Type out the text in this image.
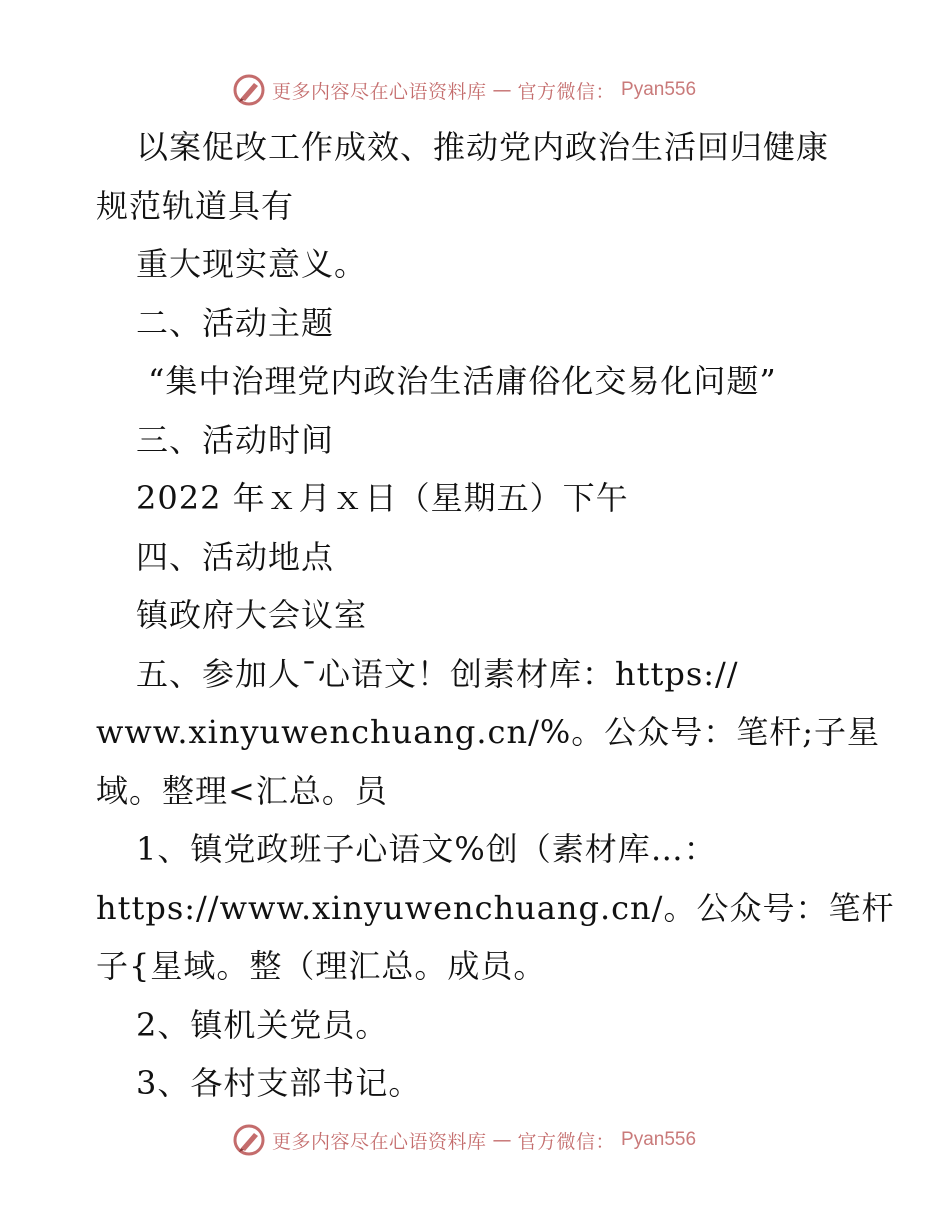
更多内容尽在心语资料库 — 官方微信： Pyan556
以案促改工作成效、推动党内政治生活回归健康
规范轨道具有
重大现实意义。
二、活动主题
“集中治理党内政治生活庸俗化交易化问题”
三、活动时间
2022 年ｘ月ｘ日（星期五）下午
四、活动地点
镇政府大会议室
五、参加人¯心语文！创素材库：https://
www.xinyuwenchuang.cn/%。公众号：笔杆;子星
域。整理<汇总。员
1、镇党政班子心语文%创（素材库…：
https://www.xinyuwenchuang.cn/。公众号：笔杆
子{星域。整（理汇总。成员。
2、镇机关党员。
3、各村支部书记。
更多内容尽在心语资料库 — 官方微信： Pyan556
